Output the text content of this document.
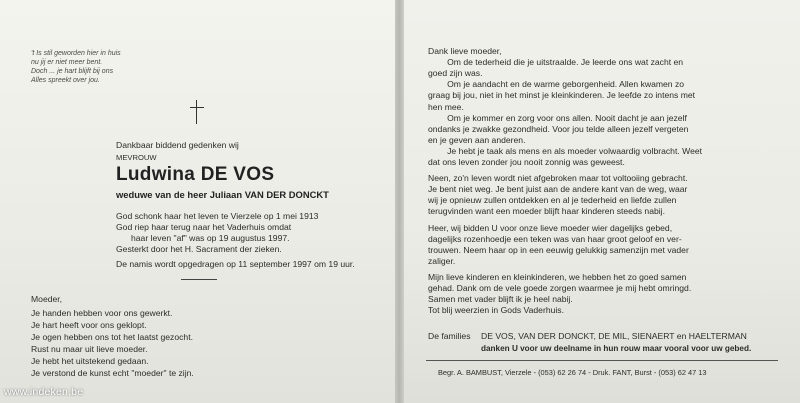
't Is stil geworden hier in huis
nu jij er niet meer bent.
Doch ... je hart blijft bij ons
Alles spreekt over jou.
Dankbaar biddend gedenken wij
MEVROUW
Ludwina DE VOS
weduwe van de heer Juliaan VAN DER DONCKT
God schonk haar het leven te Vierzele op 1 mei 1913
God riep haar terug naar het Vaderhuis omdat
haar leven "af" was op 19 augustus 1997.
Gesterkt door het H. Sacrament der zieken.
De namis wordt opgedragen op 11 september 1997 om 19 uur.
Moeder,
Je handen hebben voor ons gewerkt.
Je hart heeft voor ons geklopt.
Je ogen hebben ons tot het laatst gezocht.
Rust nu maar uit lieve moeder.
Je hebt het uitstekend gedaan.
Je verstond de kunst echt "moeder" te zijn.
www.indeken.be
Dank lieve moeder,
Om de tederheid die je uitstraalde. Je leerde ons wat zacht en
goed zijn was.
Om je aandacht en de warme geborgenheid. Allen kwamen zo
graag bij jou, niet in het minst je kleinkinderen. Je leefde zo intens met
hen mee.
Om je kommer en zorg voor ons allen. Nooit dacht je aan jezelf
ondanks je zwakke gezondheid. Voor jou telde alleen jezelf vergeten
en je geven aan anderen.
Je hebt je taak als mens en als moeder volwaardig volbracht. Weet
dat ons leven zonder jou nooit zonnig was geweest.
Neen, zo'n leven wordt niet afgebroken maar tot voltooiing gebracht.
Je bent niet weg. Je bent juist aan de andere kant van de weg, waar
wij je opnieuw zullen ontdekken en al je tederheid en liefde zullen
terugvinden want een moeder blijft haar kinderen steeds nabij.
Heer, wij bidden U voor onze lieve moeder wier dagelijks gebed,
dagelijks rozenhoedje een teken was van haar groot geloof en ver-
trouwen. Neem haar op in een eeuwig gelukkig samenzijn met vader
zaliger.
Mijn lieve kinderen en kleinkinderen, we hebben het zo goed samen
gehad. Dank om de vele goede zorgen waarmee je mij hebt omringd.
Samen met vader blijft ik je heel nabij.
Tot blij weerzien in Gods Vaderhuis.
De families DE VOS, VAN DER DONCKT, DE MIL, SIENAERT en HAELTERMAN
danken U voor uw deelname in hun rouw maar vooral voor uw gebed.
Begr. A. BAMBUST, Vierzele - (053) 62 26 74 - Druk. FANT, Burst - (053) 62 47 13
